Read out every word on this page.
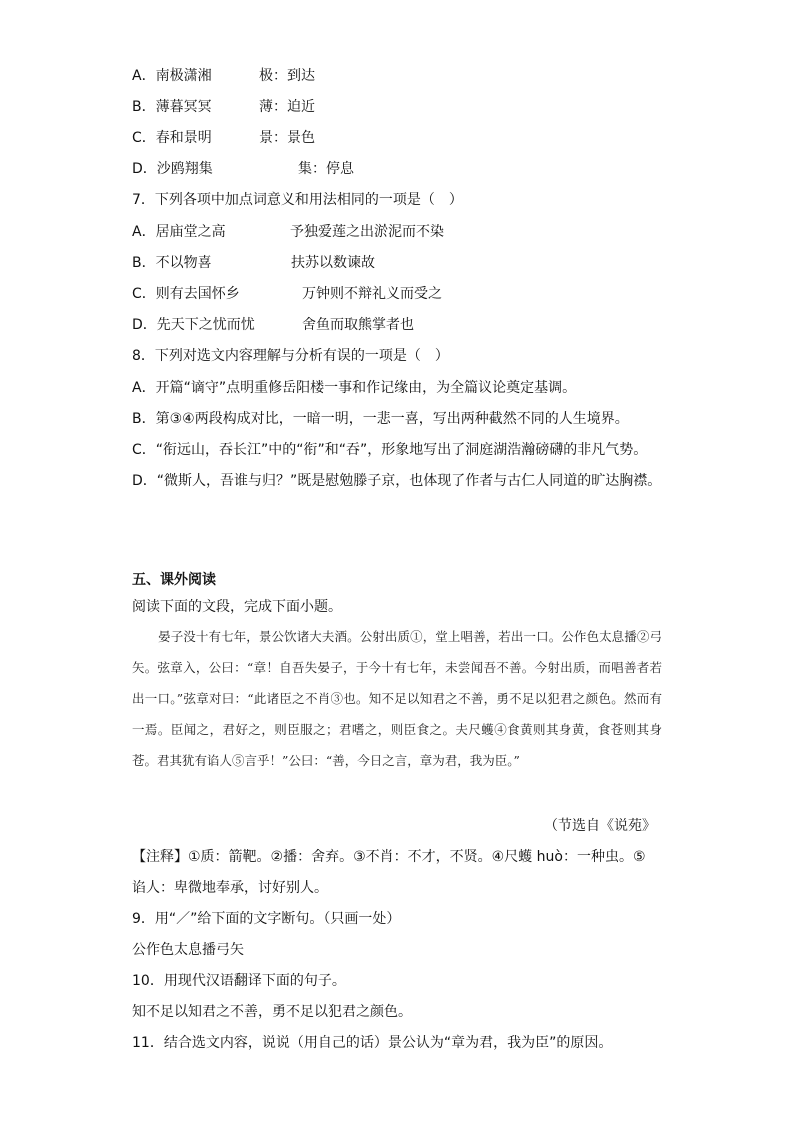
A．南极潇湘	极：到达
B．薄暮冥冥	薄：迫近
C．春和景明	景：景色
D．沙鸥翔集	集：停息
7．下列各项中加点词意义和用法相同的一项是（　）
A．居庙堂之高	予独爱莲之出淤泥而不染
B．不以物喜	扶苏以数谏故
C．则有去国怀乡	万钟则不辩礼义而受之
D．先天下之忧而忧	舍鱼而取熊掌者也
8．下列对选文内容理解与分析有误的一项是（　）
A．开篇“谪守”点明重修岳阳楼一事和作记缘由，为全篇议论奠定基调。
B．第③④两段构成对比，一暗一明，一悲一喜，写出两种截然不同的人生境界。
C．“衔远山，吞长江”中的“衔”和“吞”，形象地写出了洞庭湖浩瀚磅礴的非凡气势。
D．“微斯人，吾谁与归？”既是慰勉滕子京，也体现了作者与古仁人同道的旷达胸襟。
五、课外阅读
阅读下面的文段，完成下面小题。
晏子没十有七年，景公饮诸大夫酒。公射出质①，堂上唱善，若出一口。公作色太息播②弓矢。弦章入，公曰：“章！自吾失晏子，于今十有七年，未尝闻吾不善。今射出质，而唱善者若出一口。”弦章对曰：“此诸臣之不肖③也。知不足以知君之不善，勇不足以犯君之颜色。然而有一焉。臣闻之，君好之，则臣服之；君嗜之，则臣食之。夫尺蠖④食黄则其身黄，食苍则其身苍。君其犹有谄人⑤言乎！”公曰：“善，今日之言，章为君，我为臣。”
（节选自《说苑》
【注释】①质：箭靶。②播：舍弃。③不肖：不才，不贤。④尺蠖 huò：一种虫。⑤
谄人：卑微地奉承，讨好别人。
9．用“／”给下面的文字断句。（只画一处）
公作色太息播弓矢
10．用现代汉语翻译下面的句子。
知不足以知君之不善，勇不足以犯君之颜色。
11．结合选文内容，说说（用自己的话）景公认为“章为君，我为臣”的原因。
